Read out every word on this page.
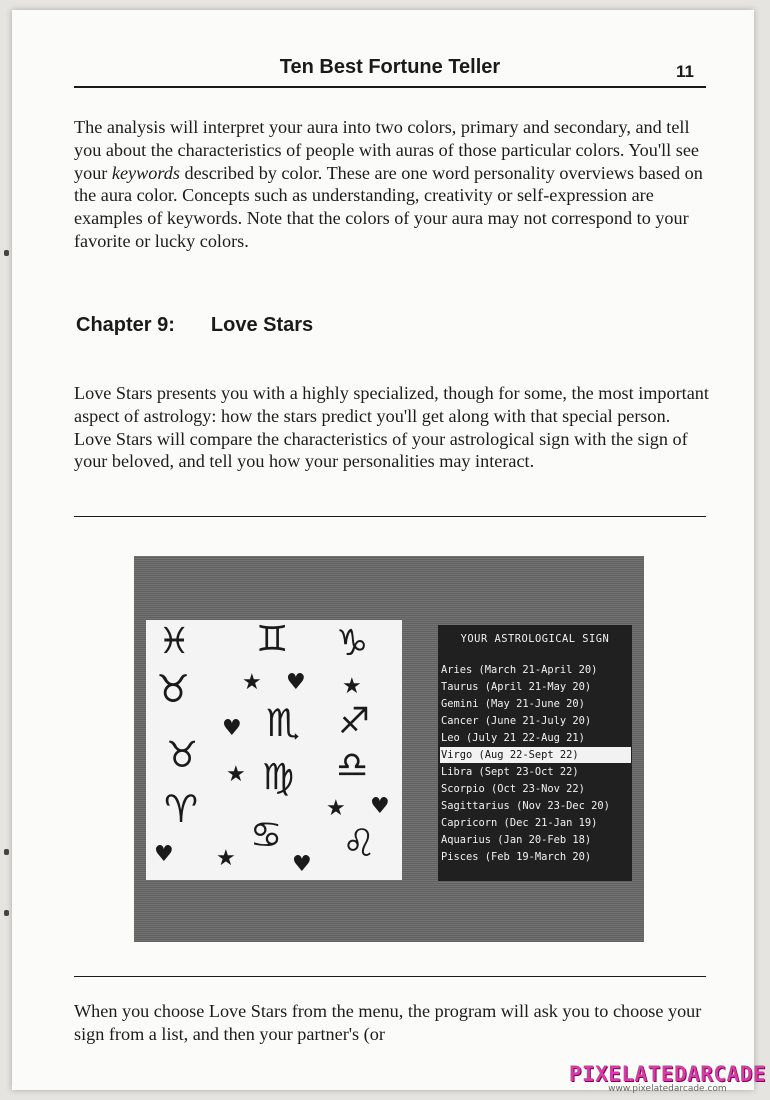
Ten Best Fortune Teller	11

The analysis will interpret your aura into two colors, primary and secondary, and tell you about the characteristics of people with auras of those particular colors. You'll see your keywords described by color. These are one word personality overviews based on the aura color. Concepts such as understanding, creativity or self-expression are examples of keywords. Note that the colors of your aura may not correspond to your favorite or lucky colors.

Chapter 9: Love Stars

Love Stars presents you with a highly specialized, though for some, the most important aspect of astrology: how the stars predict you'll get along with that special person. Love Stars will compare the characteristics of your astrological sign with the sign of your beloved, and tell you how your personalities may interact.

♓ ♊ ♑
♉ ★ ♥ ★
♥ ♏ ♐
♉ ★ ♍ ♎
♈	★ ♥
♋
♥ ★	♥ ♌
YOUR ASTROLOGICAL SIGN
Aries (March 21-April 20)
Taurus (April 21-May 20)
Gemini (May 21-June 20)
Cancer (June 21-July 20)
Leo (July 21 22-Aug 21)
Virgo (Aug 22-Sept 22)
Libra (Sept 23-Oct 22)
Scorpio (Oct 23-Nov 22)
Sagittarius (Nov 23-Dec 20)
Capricorn (Dec 21-Jan 19)
Aquarius (Jan 20-Feb 18)
Pisces (Feb 19-March 20)

When you choose Love Stars from the menu, the program will ask you to choose your sign from a list, and then your partner's (or

PIXELATEDARCADE
www.pixelatedarcade.com
